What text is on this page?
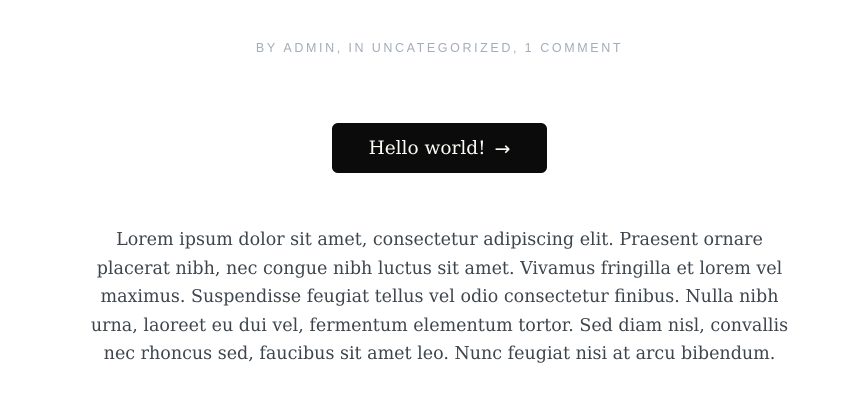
BY ADMIN, IN UNCATEGORIZED, 1 COMMENT
Hello world! →

Lorem ipsum dolor sit amet, consectetur adipiscing elit. Praesent ornare placerat nibh, nec congue nibh luctus sit amet. Vivamus fringilla et lorem vel maximus. Suspendisse feugiat tellus vel odio consectetur finibus. Nulla nibh urna, laoreet eu dui vel, fermentum elementum tortor. Sed diam nisl, convallis nec rhoncus sed, faucibus sit amet leo. Nunc feugiat nisi at arcu bibendum.
